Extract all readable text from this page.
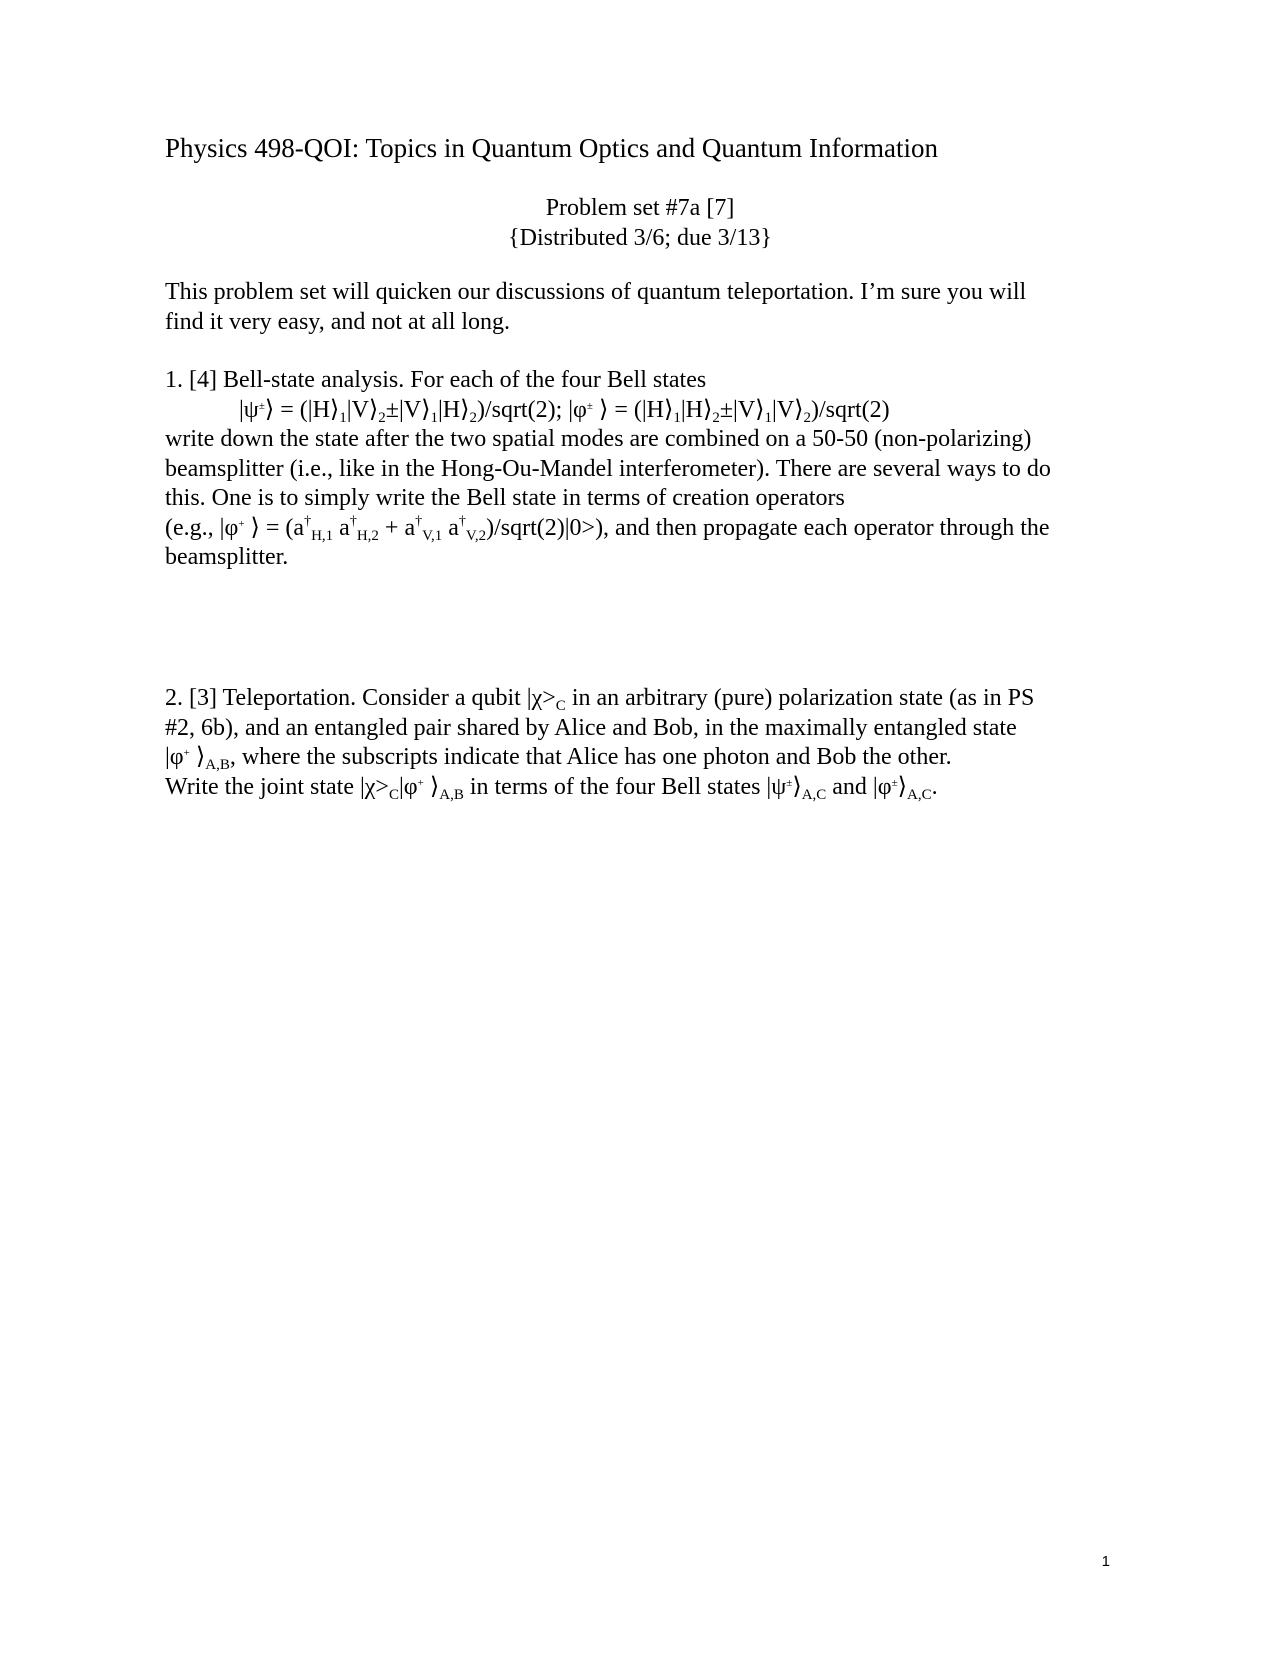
Physics 498-QOI: Topics in Quantum Optics and Quantum Information
Problem set #7a [7]
{Distributed 3/6; due 3/13}
This problem set will quicken our discussions of quantum teleportation. I’m sure you will
find it very easy, and not at all long.
1. [4] Bell-state analysis. For each of the four Bell states
|ψ±⟩ = $(|H⟩_1|V⟩_2\pm|V⟩_1|H⟩_2)/sqrt(2)$; |φ± ⟩ = $(|H⟩_1|H⟩_2\pm|V⟩_1|V⟩_2)/sqrt(2)$
write down the state after the two spatial modes are combined on a 50-50 (non-polarizing)
beamsplitter (i.e., like in the Hong-Ou-Mandel interferometer). There are several ways to do
this. One is to simply write the Bell state in terms of creation operators
(e.g., |φ+ ⟩ = ($a^\dagger_{H,1}$ $a^\dagger_{H,2} + a^\dagger_{V,1}$ $a^\dagger_{V,2})/sqrt(2)|0>$), and then propagate each operator through the
beamsplitter.
2. [3] Teleportation. Consider a qubit $|\chi>_C$ in an arbitrary (pure) polarization state (as in PS
#2, 6b), and an entangled pair shared by Alice and Bob, in the maximally entangled state
|φ+ $⟩_{A,B}$, where the subscripts indicate that Alice has one photon and Bob the other.
Write the joint state $|\chi>_C|\varphi^+$ $⟩_{A,B}$ in terms of the four Bell states $|\psi^\pm⟩_{A,C}$ and $|\varphi^\pm⟩_{A,C}$.
1
